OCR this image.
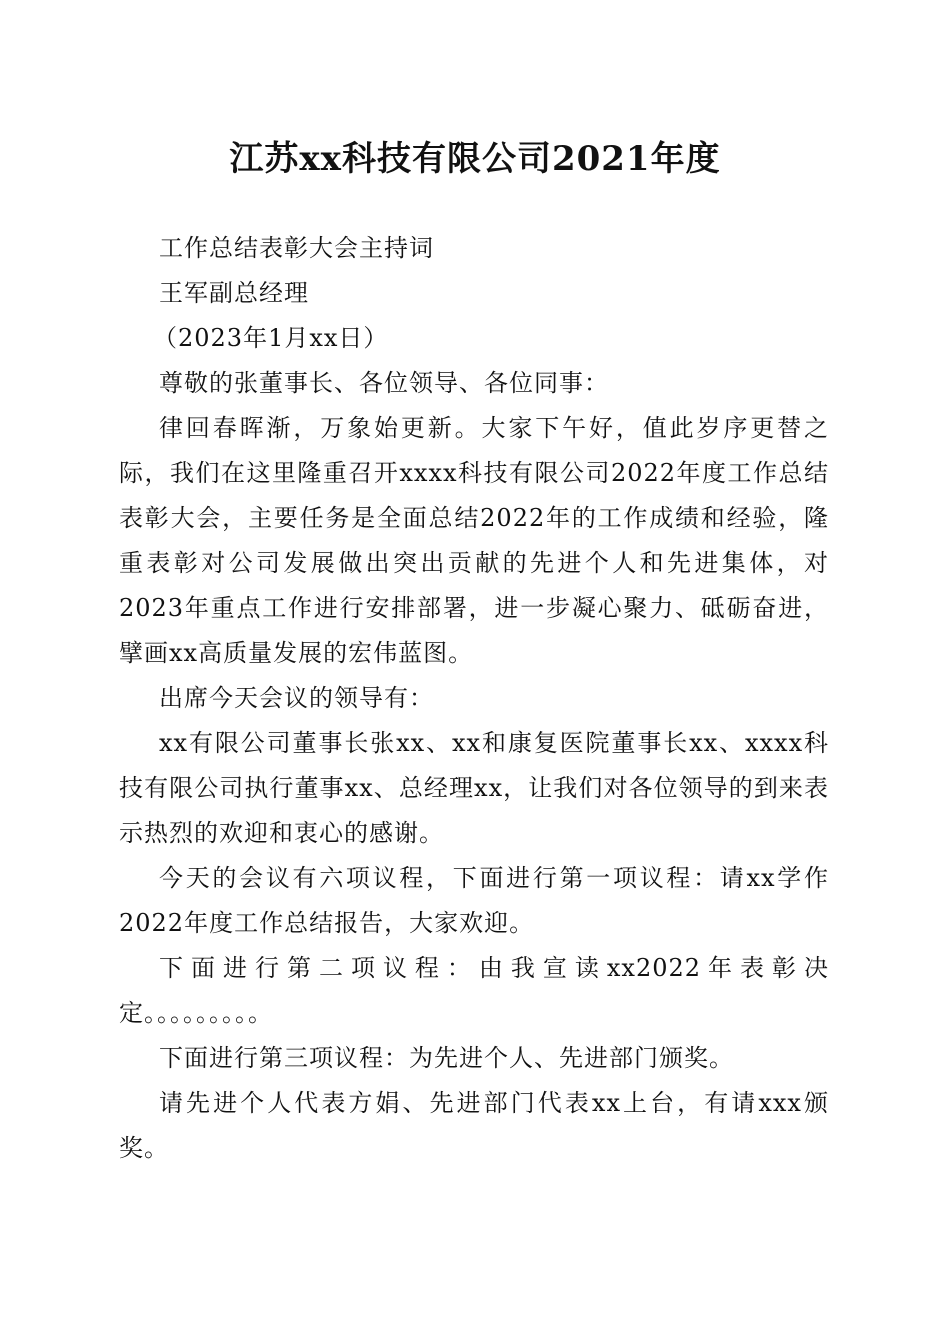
江苏xx科技有限公司2021年度

工作总结表彰大会主持词

王军副总经理

（2023年1月xx日）

尊敬的张董事长、各位领导、各位同事：

律回春晖渐，万象始更新。大家下午好，值此岁序更替之际，我们在这里隆重召开xxxx科技有限公司2022年度工作总结表彰大会，主要任务是全面总结2022年的工作成绩和经验，隆重表彰对公司发展做出突出贡献的先进个人和先进集体，对2023年重点工作进行安排部署，进一步凝心聚力、砥砺奋进，擘画xx高质量发展的宏伟蓝图。

出席今天会议的领导有：

xx有限公司董事长张xx、xx和康复医院董事长xx、xxxx科技有限公司执行董事xx、总经理xx，让我们对各位领导的到来表示热烈的欢迎和衷心的感谢。

今天的会议有六项议程，下面进行第一项议程：请xx学作2022年度工作总结报告，大家欢迎。

下面进行第二项议程：由我宣读xx2022年表彰决定。。。。。。。。。

下面进行第三项议程：为先进个人、先进部门颁奖。

请先进个人代表方娟、先进部门代表xx上台，有请xxx颁奖。
